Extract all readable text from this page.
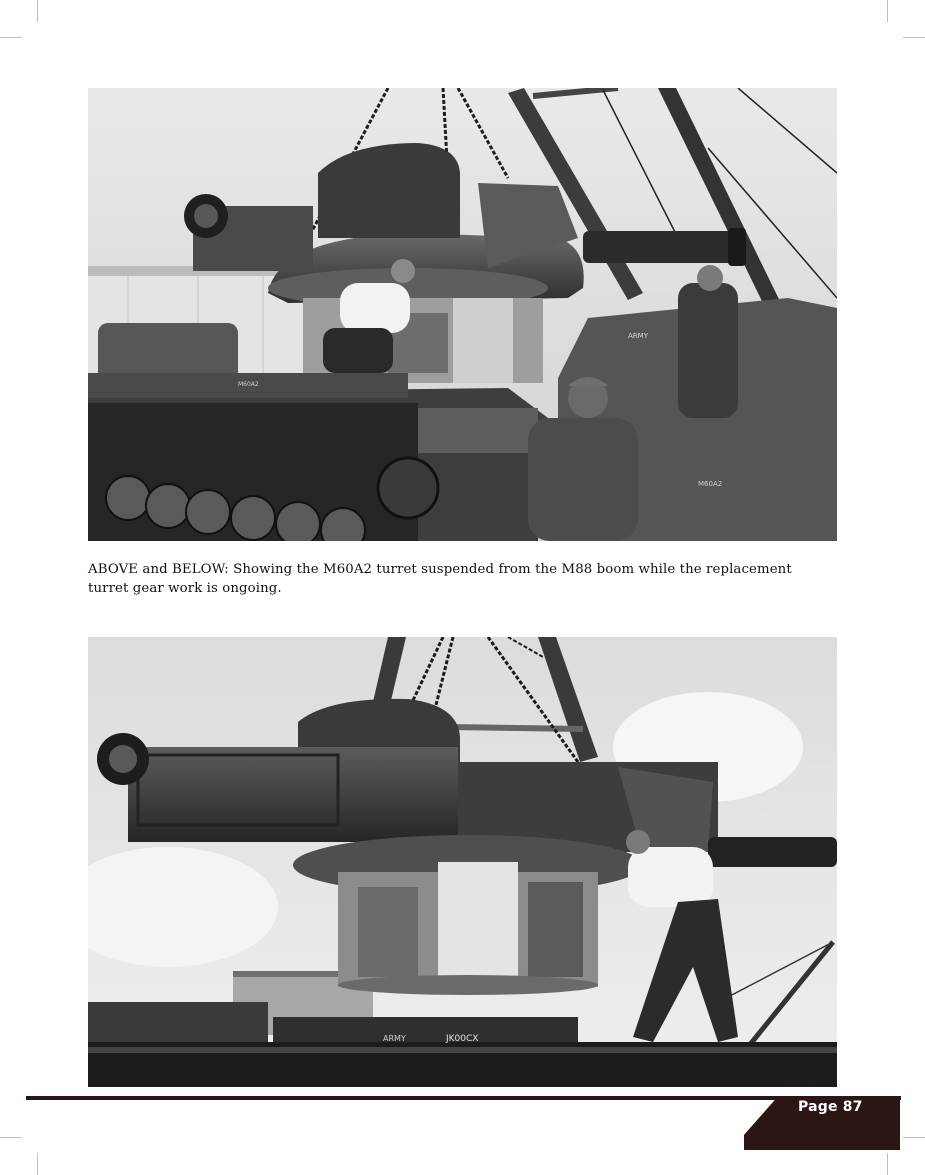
M60A2
ARMY
M60A2

ABOVE and BELOW: Showing the M60A2 turret suspended from the M88 boom while the replacement turret gear work is ongoing.

ARMY	JK00CX
Page 87
